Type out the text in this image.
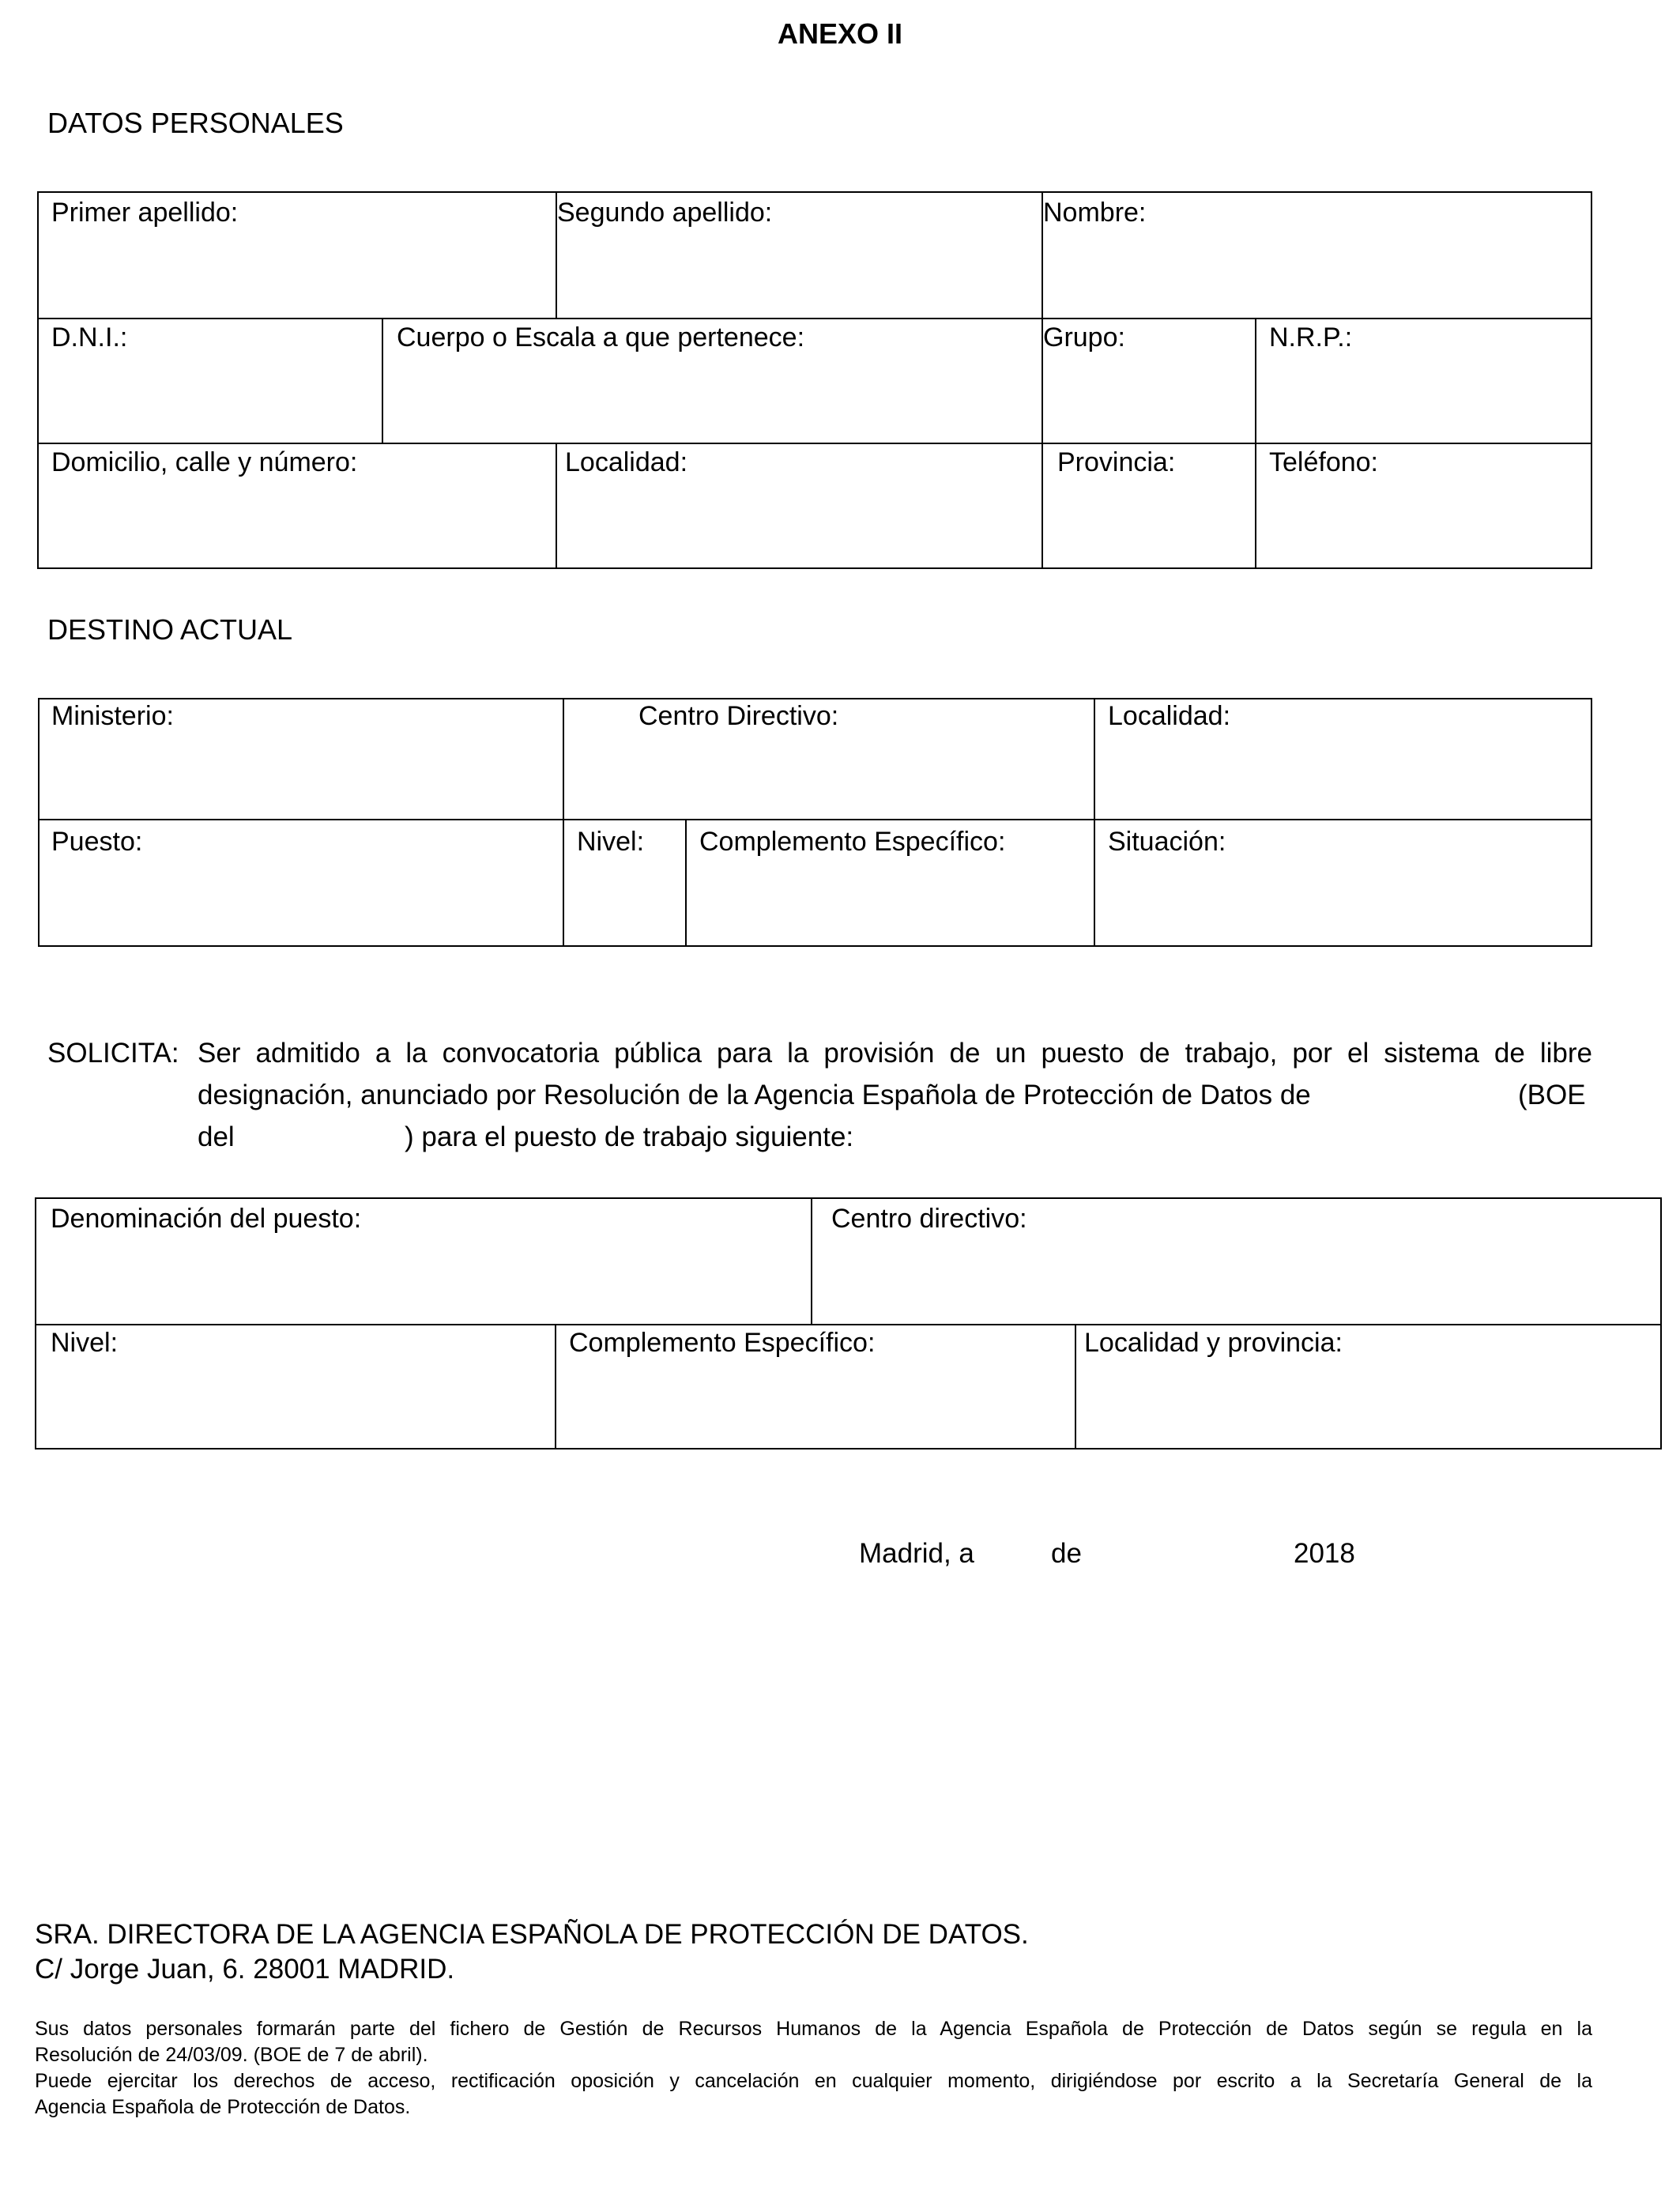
ANEXO II
DATOS PERSONALES
Primer apellido:	Segundo apellido:	Nombre:
D.N.I.:	Cuerpo o Escala a que pertenece:	Grupo:	N.R.P.:
Domicilio, calle y número:	Localidad:	Provincia:	Teléfono:
DESTINO ACTUAL
Ministerio:	Centro Directivo:	Localidad:
Puesto:	Nivel: Complemento Específico:	Situación:
SOLICITA: Ser admitido a la convocatoria pública para la provisión de un puesto de trabajo, por el sistema de libre
designación, anunciado por Resolución de la Agencia Española de Protección de Datos de	(BOE
del	) para el puesto de trabajo siguiente:
Denominación del puesto:	Centro directivo:
Nivel:	Complemento Específico:	Localidad y provincia:
Madrid, a	de	2018
SRA. DIRECTORA DE LA AGENCIA ESPAÑOLA DE PROTECCIÓN DE DATOS.
C/ Jorge Juan, 6. 28001 MADRID.
Sus datos personales formarán parte del fichero de Gestión de Recursos Humanos de la Agencia Española de Protección de Datos según se regula en la
Resolución de 24/03/09. (BOE de 7 de abril).
Puede ejercitar los derechos de acceso, rectificación oposición y cancelación en cualquier momento, dirigiéndose por escrito a la Secretaría General de la
Agencia Española de Protección de Datos.
